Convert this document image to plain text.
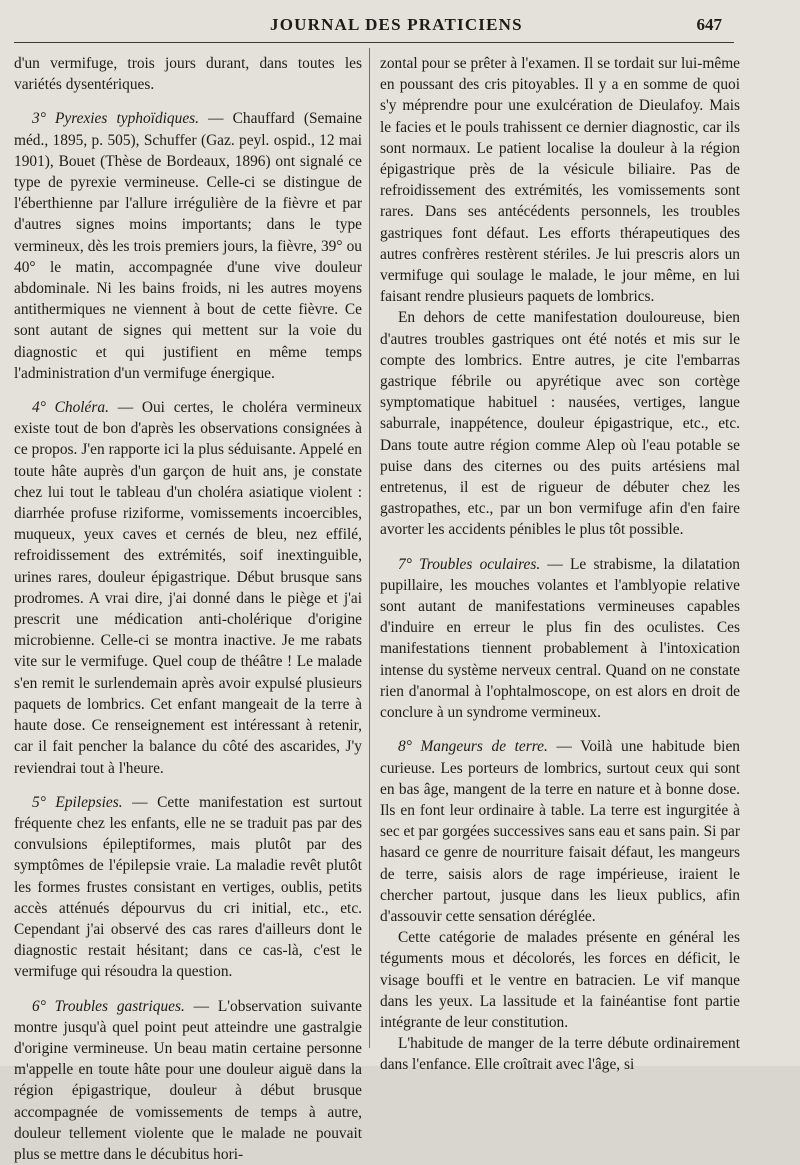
JOURNAL DES PRATICIENS	647

d'un vermifuge, trois jours durant, dans toutes les variétés dysentériques.

3° Pyrexies typhoïdiques. — Chauffard (Semaine méd., 1895, p. 505), Schuffer (Gaz. peyl. ospid., 12 mai 1901), Bouet (Thèse de Bordeaux, 1896) ont signalé ce type de pyrexie vermineuse. Celle-ci se distingue de l'éberthienne par l'allure irrégulière de la fièvre et par d'autres signes moins importants; dans le type vermineux, dès les trois premiers jours, la fièvre, 39° ou 40° le matin, accompagnée d'une vive douleur abdominale. Ni les bains froids, ni les autres moyens antithermiques ne viennent à bout de cette fièvre. Ce sont autant de signes qui mettent sur la voie du diagnostic et qui justifient en même temps l'administration d'un vermifuge énergique.

4° Choléra. — Oui certes, le choléra vermineux existe tout de bon d'après les observations consignées à ce propos. J'en rapporte ici la plus séduisante. Appelé en toute hâte auprès d'un garçon de huit ans, je constate chez lui tout le tableau d'un choléra asiatique violent : diarrhée profuse riziforme, vomissements incoercibles, muqueux, yeux caves et cernés de bleu, nez effilé, refroidissement des extrémités, soif inextinguible, urines rares, douleur épigastrique. Début brusque sans prodromes. A vrai dire, j'ai donné dans le piège et j'ai prescrit une médication anti-cholérique d'origine microbienne. Celle-ci se montra inactive. Je me rabats vite sur le vermifuge. Quel coup de théâtre ! Le malade s'en remit le surlendemain après avoir expulsé plusieurs paquets de lombrics. Cet enfant mangeait de la terre à haute dose. Ce renseignement est intéressant à retenir, car il fait pencher la balance du côté des ascarides, J'y reviendrai tout à l'heure.

5° Epilepsies. — Cette manifestation est surtout fréquente chez les enfants, elle ne se traduit pas par des convulsions épileptiformes, mais plutôt par des symptômes de l'épilepsie vraie. La maladie revêt plutôt les formes frustes consistant en vertiges, oublis, petits accès atténués dépourvus du cri initial, etc., etc. Cependant j'ai observé des cas rares d'ailleurs dont le diagnostic restait hésitant; dans ce cas-là, c'est le vermifuge qui résoudra la question.

6° Troubles gastriques. — L'observation suivante montre jusqu'à quel point peut atteindre une gastralgie d'origine vermineuse. Un beau matin certaine personne m'appelle en toute hâte pour une douleur aiguë dans la région épigastrique, douleur à début brusque accompagnée de vomissements de temps à autre, douleur tellement violente que le malade ne pouvait plus se mettre dans le décubitus hori-

zontal pour se prêter à l'examen. Il se tordait sur lui-même en poussant des cris pitoyables. Il y a en somme de quoi s'y méprendre pour une exulcération de Dieulafoy. Mais le facies et le pouls trahissent ce dernier diagnostic, car ils sont normaux. Le patient localise la douleur à la région épigastrique près de la vésicule biliaire. Pas de refroidissement des extrémités, les vomissements sont rares. Dans ses antécédents personnels, les troubles gastriques font défaut. Les efforts thérapeutiques des autres confrères restèrent stériles. Je lui prescris alors un vermifuge qui soulage le malade, le jour même, en lui faisant rendre plusieurs paquets de lombrics.

En dehors de cette manifestation douloureuse, bien d'autres troubles gastriques ont été notés et mis sur le compte des lombrics. Entre autres, je cite l'embarras gastrique fébrile ou apyrétique avec son cortège symptomatique habituel : nausées, vertiges, langue saburrale, inappétence, douleur épigastrique, etc., etc. Dans toute autre région comme Alep où l'eau potable se puise dans des citernes ou des puits artésiens mal entretenus, il est de rigueur de débuter chez les gastropathes, etc., par un bon vermifuge afin d'en faire avorter les accidents pénibles le plus tôt possible.

7° Troubles oculaires. — Le strabisme, la dilatation pupillaire, les mouches volantes et l'amblyopie relative sont autant de manifestations vermineuses capables d'induire en erreur le plus fin des oculistes. Ces manifestations tiennent probablement à l'intoxication intense du système nerveux central. Quand on ne constate rien d'anormal à l'ophtalmoscope, on est alors en droit de conclure à un syndrome vermineux.

8° Mangeurs de terre. — Voilà une habitude bien curieuse. Les porteurs de lombrics, surtout ceux qui sont en bas âge, mangent de la terre en nature et à bonne dose. Ils en font leur ordinaire à table. La terre est ingurgitée à sec et par gorgées successives sans eau et sans pain. Si par hasard ce genre de nourriture faisait défaut, les mangeurs de terre, saisis alors de rage impérieuse, iraient le chercher partout, jusque dans les lieux publics, afin d'assouvir cette sensation déréglée.

Cette catégorie de malades présente en général les téguments mous et décolorés, les forces en déficit, le visage bouffi et le ventre en batracien. Le vif manque dans les yeux. La lassitude et la fainéantise font partie intégrante de leur constitution.

L'habitude de manger de la terre débute ordinairement dans l'enfance. Elle croîtrait avec l'âge, si
